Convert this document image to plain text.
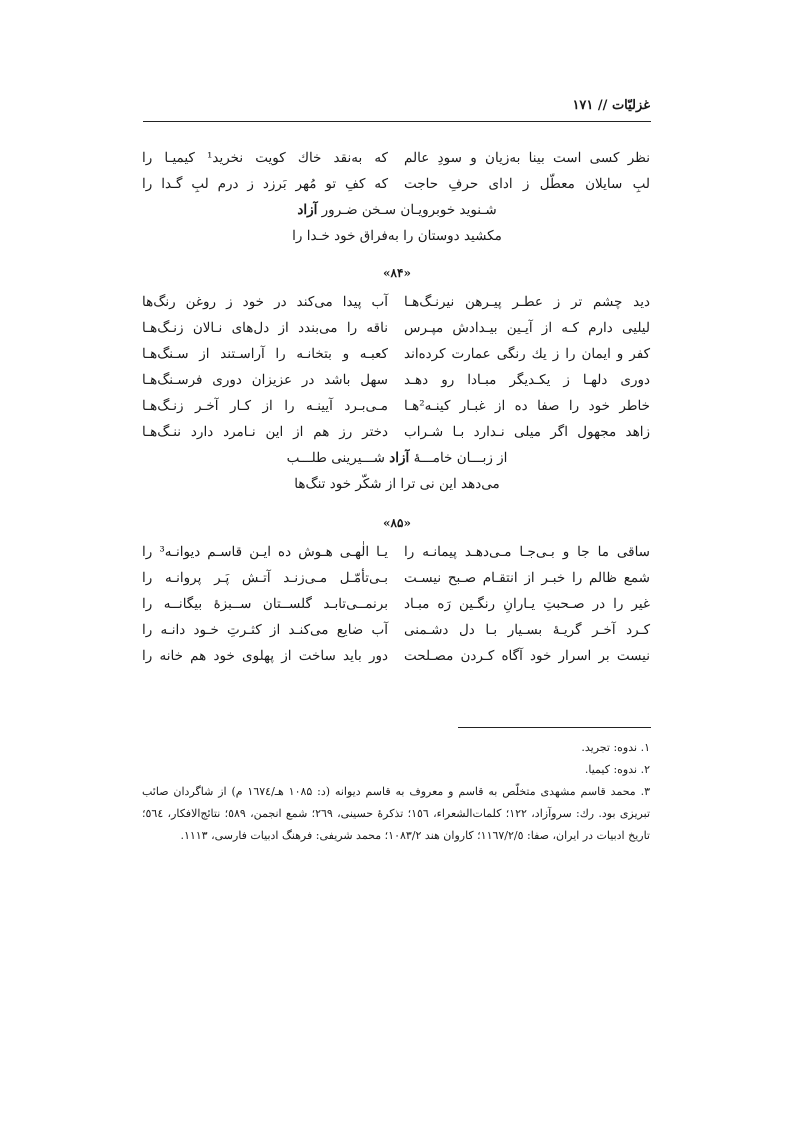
غزليّات // ۱۷۱
نظر كسى است بينا به‌زيان و سودِ عالم
كه به‌نقد خاك كويت نخريد¹ كيميـا را
لبِ سايلان معطّل ز اداى حرفِ حاجت
كه كفِ تو مُهر بَرزد ز درم لبِ گـدا را
شـنويد خوبرويـان سـخن ضـرور آزاد
مكشيد دوستان را به‌فراق خود خـدا را
«۸۴»
ديد چشم تر ز عطـر پيـرهن نيرنـگ‌هـا
آب پيدا مى‌كند در خود ز روغن رنگ‌ها
ليليى دارم كـه از آيـين بيـدادش مپـرس
ناقه را مى‌بندد از دل‌هاى نـالان زنـگ‌هـا
كفر و ايمان را ز يك رنگى عمارت كرده‌اند
كعبـه و بتخانـه را آراسـتند از سـنگ‌هـا
دورى دلهـا ز يكـديگر مبـادا رو دهـد
سهل باشد در عزيزان دورى فرسـنگ‌هـا
خاطر خود را صفا ده از غبـار كينـه²هـا
مـى‌بـرد آيينـه را از كـار آخـر زنـگ‌هـا
زاهد مجهول اگر ميلى نـدارد بـا شـراب
دختر رز هم از اين نـامرد دارد ننـگ‌هـا
از زبـــان خامـــهٔ آزاد شـــيرينى طلـــب
مى‌دهد اين نى ترا از شكّر خود تنگ‌ها
«۸۵»
ساقى ما جا و بـى‌جـا مـى‌دهـد پيمانـه را
يـا الٰهـى هـوش ده ايـن قاسـم ديوانـه³ را
شمع ظالم را خبـر از انتقـام صـبح نيسـت
بـى‌تأمّـل مـى‌زنـد آتـش پَـر پروانـه را
غير را در صـحبتِ يـارانِ رنگـين رَه مبـاد
برنمــى‌تابـد گلســتان ســبزهٔ بيگانــه را
كـرد آخـر گريـهٔ بسـيار بـا دل دشـمنى
آب ضايع مى‌كنـد از كثـرتِ خـود دانـه را
نيست بر اسرار خود آگاه كـردن مصـلحت
دور بايد ساخت از پهلوى خود هم خانه را
۱. ندوه: تجريد.
۲. ندوه: كيميا.
۳. محمد قاسم مشهدى متخلّص به قاسم و معروف به قاسم ديوانه (د: ۱۰۸۵ هـ/١٦٧٤ م) از شاگردان صائب تبريزى بود. رك: سروآزاد، ١٢٢؛ كلمات‌الشعراء، ١٥٦؛ تذكرهٔ حسينى، ٢٦٩؛ شمع انجمن، ٥٨٩؛ نتائج‌الافكار، ٥٦٤؛ تاريخ ادبيات در ايران، صفا: ١١٦٧/٢/٥؛ كاروان هند ١٠٨٣/٢؛ محمد شريفى: فرهنگ ادبيات فارسى، ١١١٣.
